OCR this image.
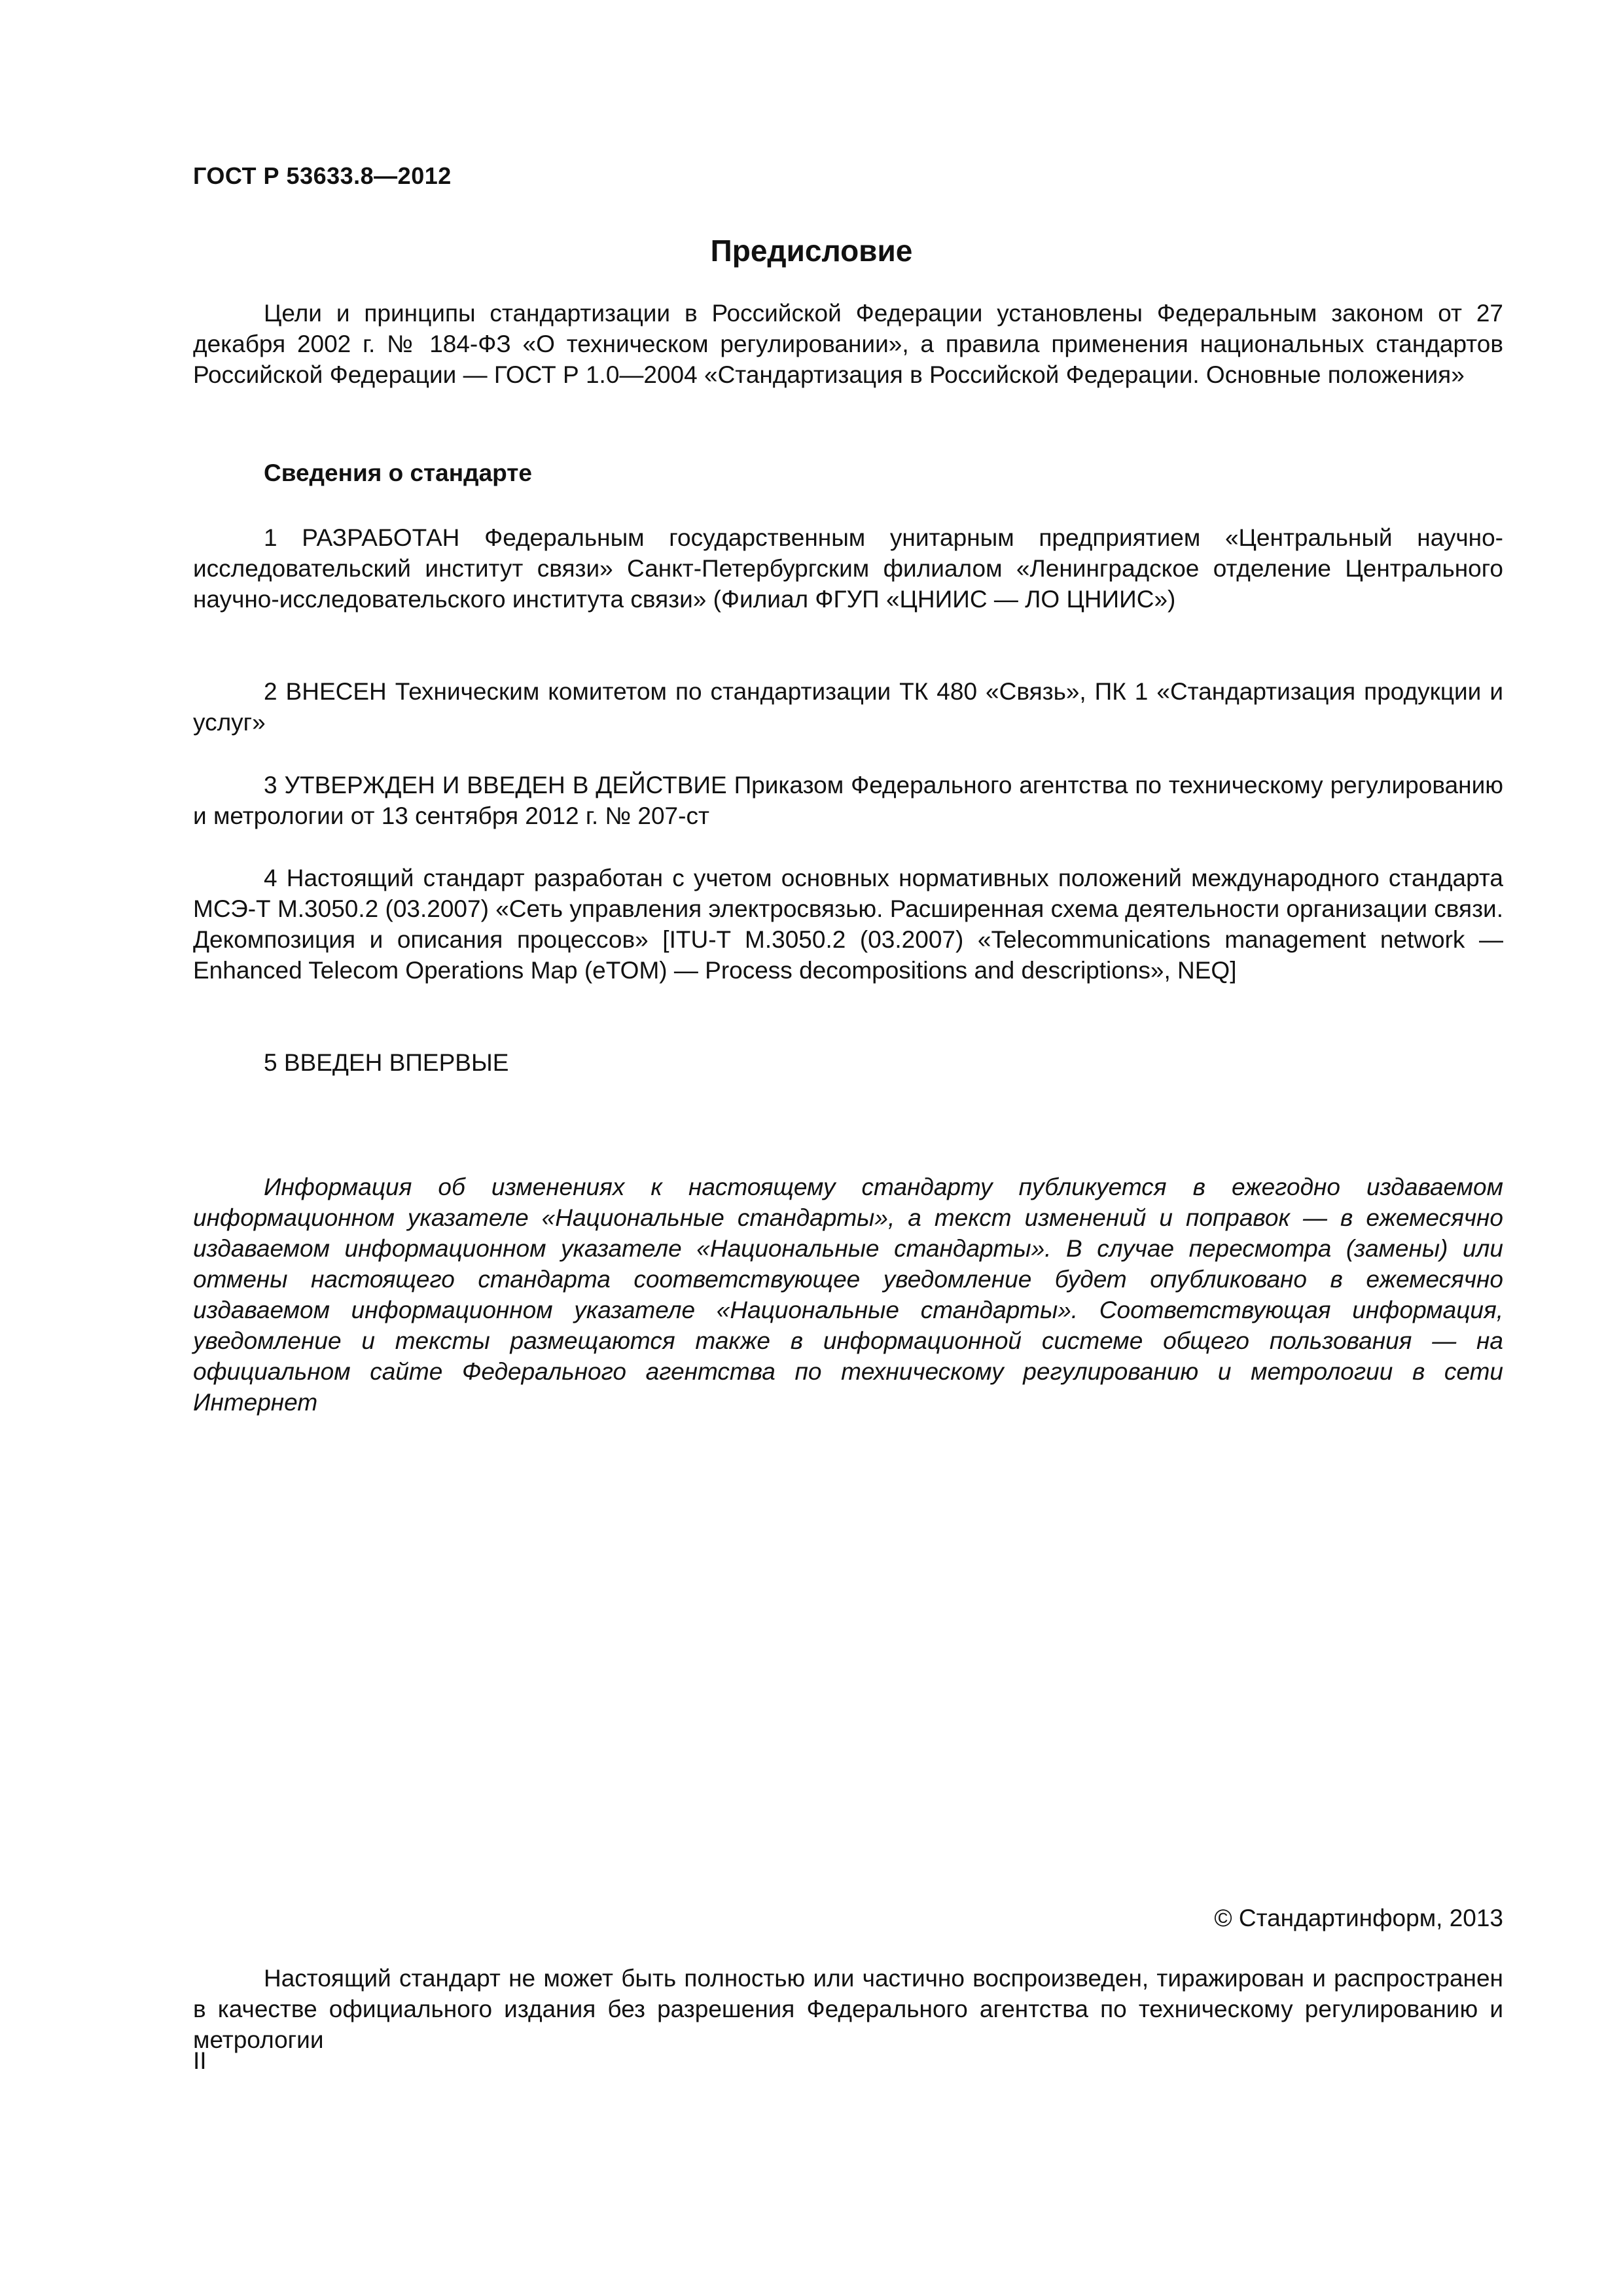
ГОСТ Р 53633.8—2012
Предисловие
Цели и принципы стандартизации в Российской Федерации установлены Федеральным законом от 27 декабря 2002 г. № 184-ФЗ «О техническом регулировании», а правила применения национальных стандартов Российской Федерации — ГОСТ Р 1.0—2004 «Стандартизация в Российской Федерации. Основные положения»
Сведения о стандарте
1 РАЗРАБОТАН Федеральным государственным унитарным предприятием «Центральный научно-исследовательский институт связи» Санкт-Петербургским филиалом «Ленинградское отделение Центрального научно-исследовательского института связи» (Филиал ФГУП «ЦНИИС — ЛО ЦНИИС»)
2 ВНЕСЕН Техническим комитетом по стандартизации ТК 480 «Связь», ПК 1 «Стандартизация продукции и услуг»
3 УТВЕРЖДЕН И ВВЕДЕН В ДЕЙСТВИЕ Приказом Федерального агентства по техническому регулированию и метрологии от 13 сентября 2012 г. № 207-ст
4 Настоящий стандарт разработан с учетом основных нормативных положений международного стандарта МСЭ-Т М.3050.2 (03.2007) «Сеть управления электросвязью. Расширенная схема деятельности организации связи. Декомпозиция и описания процессов» [ITU-T M.3050.2 (03.2007) «Telecommunications management network — Enhanced Telecom Operations Map (eTOM) — Process decompositions and descriptions», NEQ]
5 ВВЕДЕН ВПЕРВЫЕ
Информация об изменениях к настоящему стандарту публикуется в ежегодно издаваемом информационном указателе «Национальные стандарты», а текст изменений и поправок — в ежемесячно издаваемом информационном указателе «Национальные стандарты». В случае пересмотра (замены) или отмены настоящего стандарта соответствующее уведомление будет опубликовано в ежемесячно издаваемом информационном указателе «Национальные стандарты». Соответствующая информация, уведомление и тексты размещаются также в информационной системе общего пользования — на официальном сайте Федерального агентства по техническому регулированию и метрологии в сети Интернет
© Стандартинформ, 2013
Настоящий стандарт не может быть полностью или частично воспроизведен, тиражирован и распространен в качестве официального издания без разрешения Федерального агентства по техническому регулированию и метрологии
II
